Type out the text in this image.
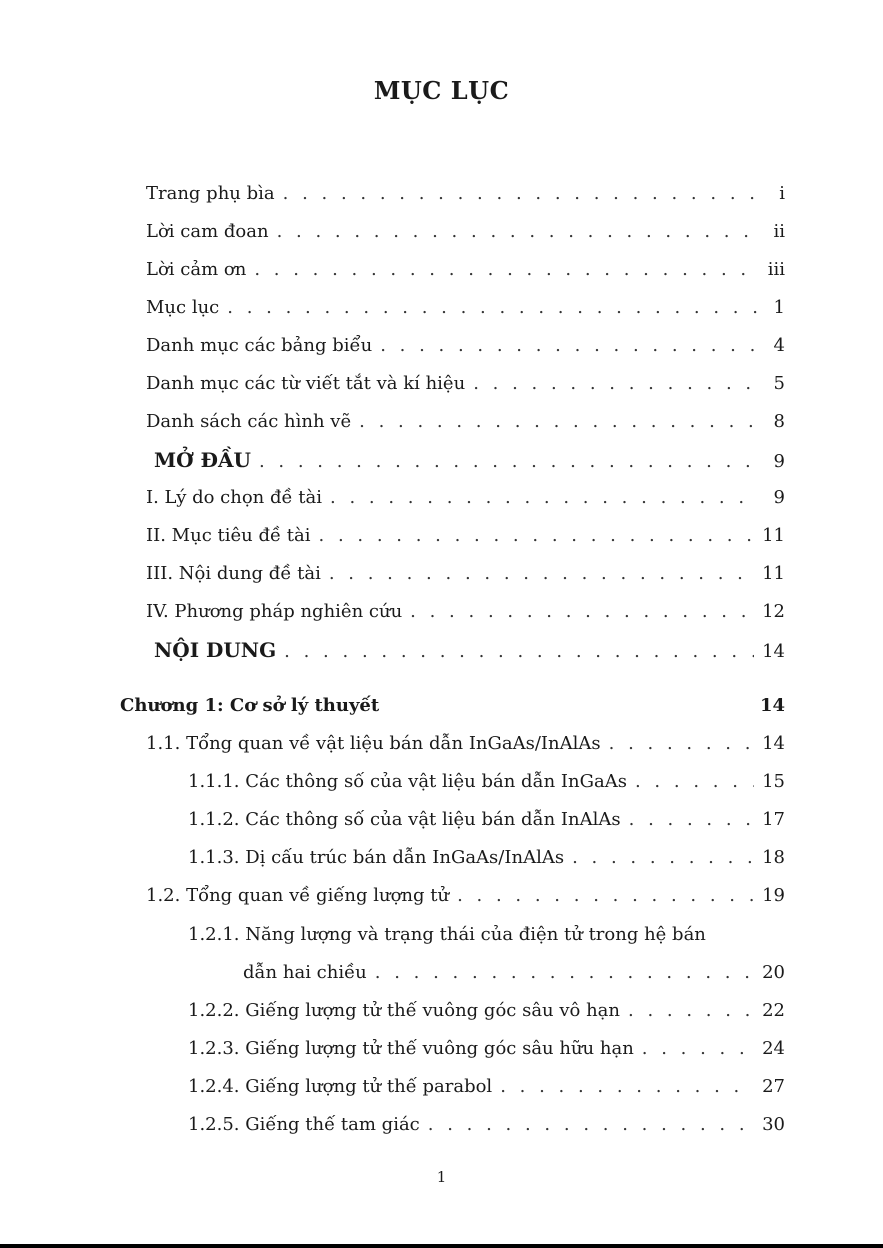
MỤC LỤC
Trang phụ bìa . . .	i
Lời cam đoan . . .	ii
Lời cảm ơn . . .	iii
Mục lục . . .	1
Danh mục các bảng biểu . . .	4
Danh mục các từ viết tắt và kí hiệu . . .	5
Danh sách các hình vẽ . . .	8
MỞ ĐẦU . . .	9
I. Lý do chọn đề tài . . .	9
II. Mục tiêu đề tài . . .	11
III. Nội dung đề tài . . .	11
IV. Phương pháp nghiên cứu . . .	12
NỘI DUNG . . .	14
Chương 1: Cơ sở lý thuyết	14
1.1. Tổng quan về vật liệu bán dẫn InGaAs/InAlAs . . .	14
1.1.1. Các thông số của vật liệu bán dẫn InGaAs . . .	15
1.1.2. Các thông số của vật liệu bán dẫn InAlAs . . .	17
1.1.3. Dị cấu trúc bán dẫn InGaAs/InAlAs . . .	18
1.2. Tổng quan về giếng lượng tử . . .	19
1.2.1. Năng lượng và trạng thái của điện tử trong hệ bán
dẫn hai chiều . . .	20
1.2.2. Giếng lượng tử thế vuông góc sâu vô hạn . . .	22
1.2.3. Giếng lượng tử thế vuông góc sâu hữu hạn . . .	24
1.2.4. Giếng lượng tử thế parabol . . .	27
1.2.5. Giếng thế tam giác . . .	30
1
